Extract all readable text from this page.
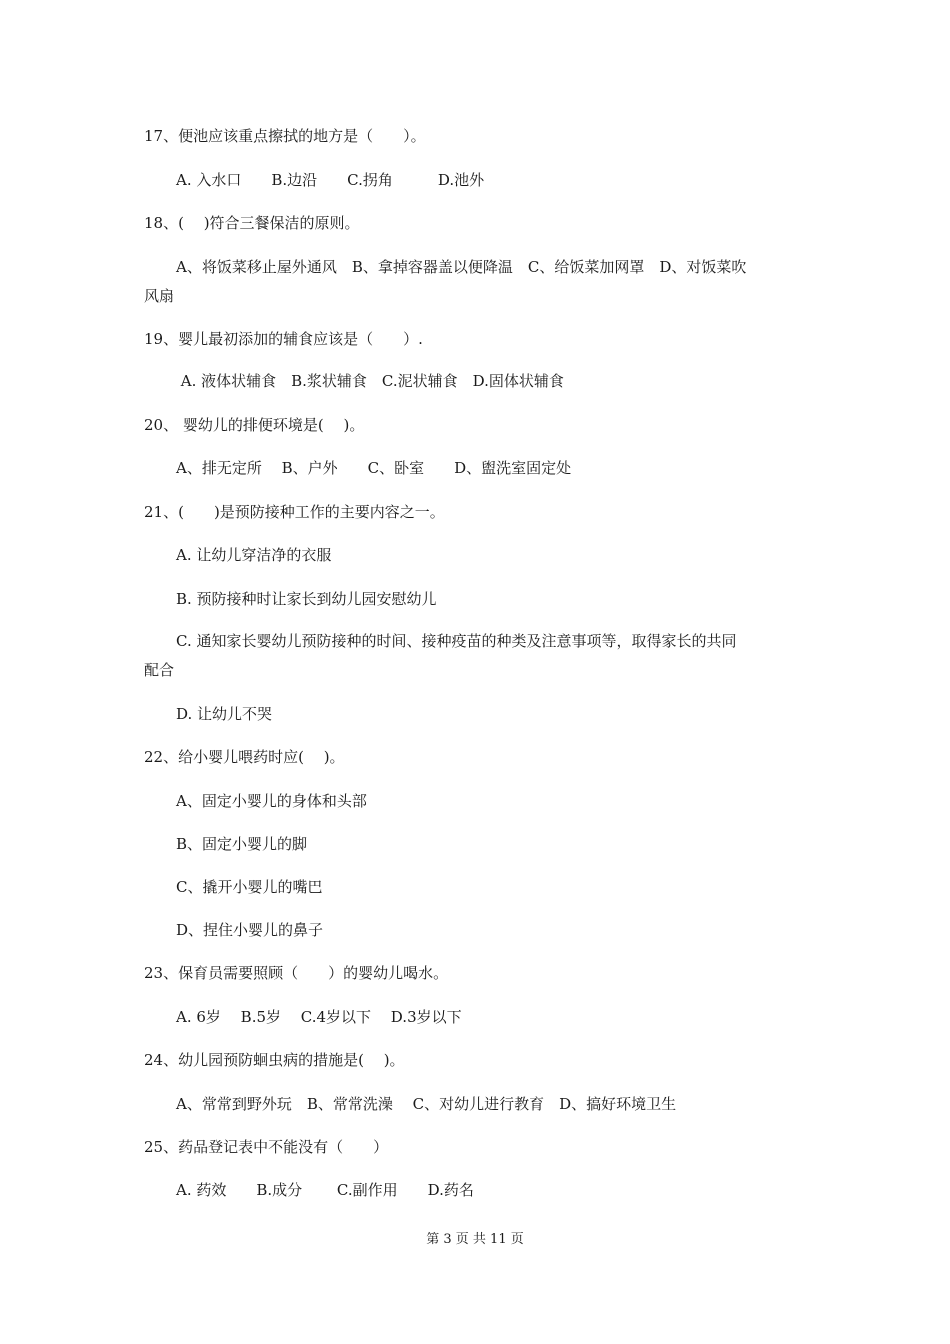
17、便池应该重点擦拭的地方是（　　）。
A. 入水口　　B.边沿　　C.拐角　　　D.池外
18、(　 )符合三餐保洁的原则。
A、将饭菜移止屋外通风　B、拿掉容器盖以便降温　C、给饭菜加网罩　D、对饭菜吹
风扇
19、婴儿最初添加的辅食应该是（　　）.
A. 液体状辅食　B.浆状辅食　C.泥状辅食　D.固体状辅食
20、 婴幼儿的排便环境是(　 )。
A、排无定所　 B、户外　　C、卧室　　D、盥洗室固定处
21、(　　)是预防接种工作的主要内容之一。
A. 让幼儿穿洁净的衣服
B. 预防接种时让家长到幼儿园安慰幼儿
C. 通知家长婴幼儿预防接种的时间、接种疫苗的种类及注意事项等，取得家长的共同
配合
D. 让幼儿不哭
22、给小婴儿喂药时应(　 )。
A、固定小婴儿的身体和头部
B、固定小婴儿的脚
C、撬开小婴儿的嘴巴
D、捏住小婴儿的鼻子
23、保育员需要照顾（　　）的婴幼儿喝水。
A. 6岁　 B.5岁　 C.4岁以下　 D.3岁以下
24、幼儿园预防蛔虫病的措施是(　 )。
A、常常到野外玩　B、常常洗澡　 C、对幼儿进行教育　D、搞好环境卫生
25、药品登记表中不能没有（　　）
A. 药效　　B.成分　　 C.副作用　　D.药名
第 3 页 共 11 页
